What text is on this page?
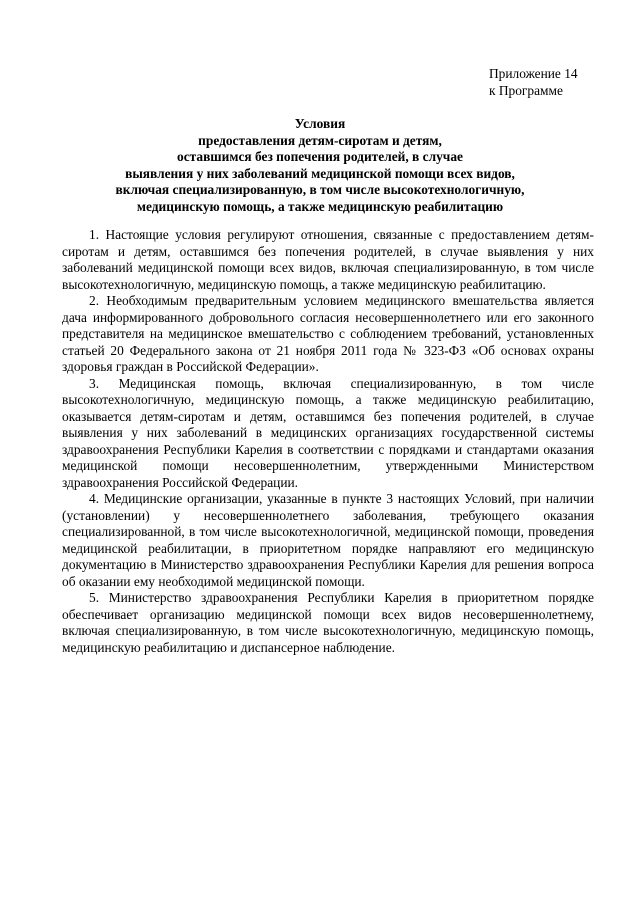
Приложение 14
к Программе
Условия
предоставления детям-сиротам и детям,
оставшимся без попечения родителей, в случае
выявления у них заболеваний медицинской помощи всех видов,
включая специализированную, в том числе высокотехнологичную,
медицинскую помощь, а также медицинскую реабилитацию

1. Настоящие условия регулируют отношения, связанные с предоставлением детям-сиротам и детям, оставшимся без попечения родителей, в случае выявления у них заболеваний медицинской помощи всех видов, включая специализированную, в том числе высокотехнологичную, медицинскую помощь, а также медицинскую реабилитацию.

2. Необходимым предварительным условием медицинского вмешательства является дача информированного добровольного согласия несовершеннолетнего или его законного представителя на медицинское вмешательство с соблюдением требований, установленных статьей 20 Федерального закона от 21 ноября 2011 года № 323-ФЗ «Об основах охраны здоровья граждан в Российской Федерации».

3. Медицинская помощь, включая специализированную, в том числе высокотехнологичную, медицинскую помощь, а также медицинскую реабилитацию, оказывается детям-сиротам и детям, оставшимся без попечения родителей, в случае выявления у них заболеваний в медицинских организациях государственной системы здравоохранения Республики Карелия в соответствии с порядками и стандартами оказания медицинской помощи несовершеннолетним, утвержденными Министерством здравоохранения Российской Федерации.

4. Медицинские организации, указанные в пункте 3 настоящих Условий, при наличии (установлении) у несовершеннолетнего заболевания, требующего оказания специализированной, в том числе высокотехнологичной, медицинской помощи, проведения медицинской реабилитации, в приоритетном порядке направляют его медицинскую документацию в Министерство здравоохранения Республики Карелия для решения вопроса об оказании ему необходимой медицинской помощи.

5. Министерство здравоохранения Республики Карелия в приоритетном порядке обеспечивает организацию медицинской помощи всех видов несовершеннолетнему, включая специализированную, в том числе высокотехнологичную, медицинскую помощь, медицинскую реабилитацию и диспансерное наблюдение.
